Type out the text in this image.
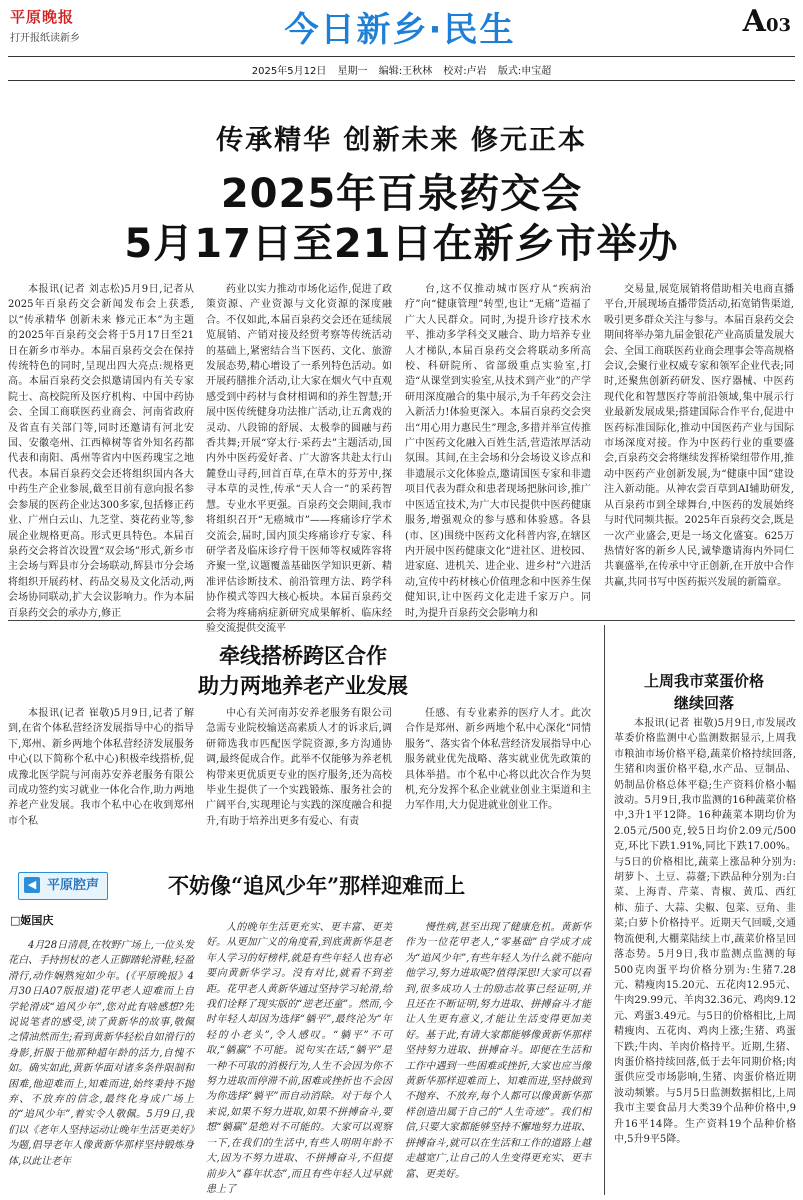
平原晚报
打开报纸读新乡	今日新乡·民生	A03
2025年5月12日 星期一 编辑:王秋林 校对:卢岩 版式:申宝超
传承精华 创新未来 修元正本
2025年百泉药交会
5月17日至21日在新乡市举办

本报讯(记者 刘志松)5月9日,记者从2025年百泉药交会新闻发布会上获悉,以“传承精华 创新未来 修元正本”为主题的2025年百泉药交会将于5月17日至21日在新乡市举办。本届百泉药交会在保持传统特色的同时,呈现出四大亮点:规格更高。本届百泉药交会拟邀请国内有关专家院士、高校院所及医疗机构、中国中药协会、全国工商联医药业商会、河南省政府及省直有关部门等,同时还邀请有河北安国、安徽亳州、江西樟树等省外知名药都代表和南阳、禹州等省内中医药瑰宝之地代表。本届百泉药交会还将组织国内各大中药生产企业参展,截至目前有意向报名参会参展的医药企业达300多家,包括修正药业、广州白云山、九芝堂、葵花药业等,参展企业规格更高。形式更具特色。本届百泉药交会将首次设置“双会场”形式,新乡市主会场与辉县市分会场联动,辉县市分会场将组织开展药材、药品交易及文化活动,两会场协同联动,扩大会议影响力。作为本届百泉药交会的承办方,修正

药业以实力推动市场化运作,促进了政策资源、产业资源与文化资源的深度融合。不仅如此,本届百泉药交会还在延续展览展销、产销对接及经贸考察等传统活动的基础上,紧密结合当下医药、文化、旅游发展态势,精心增设了一系列特色活动。如开展药膳推介活动,让大家在烟火气中直观感受到中药材与食材相调和的养生智慧;开展中医传统健身功法推广活动,让五禽戏的灵动、八段锦的舒展、太极拳的圆融与药香共舞;开展“穿太行·采药去”主题活动,国内外中医药爱好者、广大游客共赴太行山麓登山寻药,回首百草,在草木的芬芳中,探寻本草的灵性,传承“天人合一”的采药智慧。专业水平更强。百泉药交会期间,我市将组织召开“无癌城市”——疼痛诊疗学术交流会,届时,国内顶尖疼痛诊疗专家、科研学者及临床诊疗骨干医师等权威阵容将齐聚一堂,议题覆盖基础医学知识更新、精准评估诊断技术、前沿管理方法、跨学科协作模式等四大核心板块。本届百泉药交会将为疼痛病症新研究成果解析、临床经验交流提供交流平

台,这不仅推动城市医疗从“疾病治疗”向“健康管理”转型,也让“无痛”造福了广大人民群众。同时,为提升诊疗技术水平、推动多学科交叉融合、助力培养专业人才梯队,本届百泉药交会将联动多所高校、科研院所、省部级重点实验室,打造“从课堂到实验室,从技术到产业”的产学研用深度融合的集中展示,为千年药交会注入新活力!体验更深入。本届百泉药交会突出“用心用力惠民生”理念,多措并举宣传推广中医药文化融入百姓生活,营造浓厚活动氛围。其间,在主会场和分会场设义诊点和非遗展示文化体验点,邀请国医专家和非遗项目代表为群众和患者现场把脉问诊,推广中医适宜技术,为广大市民提供中医药健康服务,增强观众的参与感和体验感。各县(市、区)围绕中医药文化科普内容,在辖区内开展中医药健康文化“进社区、进校园、进家庭、进机关、进企业、进乡村”六进活动,宣传中药材核心价值理念和中医养生保健知识,让中医药文化走进千家万户。同时,为提升百泉药交会影响力和

交易量,展览展销将借助相关电商直播平台,开展现场直播带货活动,拓宽销售渠道,吸引更多群众关注与参与。本届百泉药交会期间将举办第九届金银花产业高质量发展大会、全国工商联医药业商会理事会等高规格会议,会聚行业权威专家和领军企业代表;同时,还聚焦创新药研发、医疗器械、中医药现代化和智慧医疗等前沿领域,集中展示行业最新发展成果;搭建国际合作平台,促进中医药标准国际化,推动中国医药产业与国际市场深度对接。作为中医药行业的重要盛会,百泉药交会将继续发挥桥梁纽带作用,推动中医药产业创新发展,为“健康中国”建设注入新动能。从神农尝百草到AI辅助研发,从百泉药市到全球舞台,中医药的发展始终与时代同频共振。2025年百泉药交会,既是一次产业盛会,更是一场文化盛宴。625万热情好客的新乡人民,诚挚邀请海内外同仁共襄盛举,在传承中守正创新,在开放中合作共赢,共同书写中医药振兴发展的新篇章。

牵线搭桥跨区合作
助力两地养老产业发展

本报讯(记者 崔敬)5月9日,记者了解到,在省个体私营经济发展指导中心的指导下,郑州、新乡两地个体私营经济发展服务中心(以下简称个私中心)积极牵线搭桥,促成豫北医学院与河南苏安养老服务有限公司成功签约实习就业一体化合作,助力两地养老产业发展。我市个私中心在收到郑州市个私

中心有关河南苏安养老服务有限公司急需专业院校输送高素质人才的诉求后,调研筛选我市匹配医学院资源,多方沟通协调,最终促成合作。此举不仅能够为养老机构带来更优质更专业的医疗服务,还为高校毕业生提供了一个实践锻炼、服务社会的广阔平台,实现理论与实践的深度融合和提升,有助于培养出更多有爱心、有责

任感、有专业素养的医疗人才。此次合作是郑州、新乡两地个私中心深化“同情服务”、落实省个体私营经济发展指导中心服务就业优先战略、落实就业优先政策的具体举措。市个私中心将以此次合作为契机,充分发挥个私企业就业创业主渠道和主力军作用,大力促进就业创业工作。

上周我市菜蛋价格
继续回落

本报讯(记者 崔敬)5月9日,市发展改革委价格监测中心监测数据显示,上周我市粮油市场价格平稳,蔬菜价格持续回落,生猪和肉蛋价格平稳,水产品、豆制品、奶制品价格总体平稳;生产资料价格小幅波动。5月9日,我市监测的16种蔬菜价格中,3升1平12降。16种蔬菜本期均价为2.05元/500克,较5日均价2.09元/500克,环比下跌1.91%,同比下跌17.00%。与5日的价格相比,蔬菜上涨品种分别为:胡萝卜、土豆、蒜薹;下跌品种分别为:白菜、上海青、芹菜、青椒、黄瓜、西红柿、茄子、大蒜、尖椒、包菜、豆角、韭菜;白萝卜价格持平。近期天气回暖,交通物流便利,大棚菜陆续上市,蔬菜价格呈回落态势。5月9日,我市监测点监测的每500克肉蛋平均价格分别为:生猪7.28元、精瘦肉15.20元、五花肉12.95元、牛肉29.99元、羊肉32.36元、鸡肉9.12元、鸡蛋3.49元。与5日的价格相比,上周精瘦肉、五花肉、鸡肉上涨;生猪、鸡蛋下跌;牛肉、羊肉价格持平。近期,生猪、肉蛋价格持续回落,低于去年同期价格;肉蛋供应受市场影响,生猪、肉蛋价格近期波动频繁。与5月5日监测数据相比,上周我市主要食品月大类39个品种价格中,9升16平14降。生产资料19个品种价格中,5升9平5降。

◀ 平原腔声	不妨像“追风少年”那样迎难而上
□姬国庆

4月28日清晨,在牧野广场上,一位头发花白、手持拐杖的老人正脚踏轮滑鞋,轻盈滑行,动作娴熟宛如少年。(《平原晚报》4月30日A07版报道)花甲老人迎难而上自学轮滑成“追风少年”,您对此有啥感想?先说说笔者的感受,读了黄新华的故事,敬佩之情油然而生;看到黄新华轻松自如滑行的身影,折服于他那种超年龄的活力,自愧不如。确实如此,黄新华面对诸多条件限制和困难,他迎难而上,知难而进,始终秉持不抛弃、不放弃的信念,最终化身成广场上的“追风少年”,着实令人敬佩。5月9日,我们以《老年人坚持运动让晚年生活更美好》为题,倡导老年人像黄新华那样坚持锻炼身体,以此让老年

人的晚年生活更充实、更丰富、更美好。从更加广义的角度看,到底黄新华是老年人学习的好榜样,就是有些年轻人也有必要向黄新华学习。没有对比,就看不到差距。花甲老人黄新华通过坚持学习轮滑,给我们诠释了现实版的“逆老还童”。然而,今时年轻人却因为选择“躺平”,最终沦为“年轻的小老头”,令人感叹。“躺平”不可取,“躺赢”不可能。说句实在话,“躺平”是一种不可取的消极行为,人生不会因为你不努力进取而停滞不前,困难或挫折也不会因为你选择“躺平”而自动消除。对于每个人来说,如果不努力进取,如果不拼搏奋斗,要想“躺赢”是绝对不可能的。大家可以观察一下,在我们的生活中,有些人明明年龄不大,因为不努力进取、不拼搏奋斗,不但提前步入“暮年状态”,而且有些年轻人过早就患上了

慢性病,甚至出现了健康危机。黄新华作为一位花甲老人,“零基础”自学成才成为“追风少年”,有些年轻人为什么就不能向他学习,努力进取呢?值得深思!大家可以看到,很多成功人士的励志故事已经证明,并且还在不断证明,努力进取、拼搏奋斗才能让人生更有意义,才能让生活变得更加美好。基于此,有请大家都能够像黄新华那样坚持努力进取、拼搏奋斗。即便在生活和工作中遇到一些困难或挫折,大家也应当像黄新华那样迎难而上、知难而进,坚持做到不抛弃、不放弃,每个人都可以像黄新华那样创造出属于自己的“人生奇迹”。我们相信,只要大家都能够坚持不懈地努力进取、拼搏奋斗,就可以在生活和工作的道路上越走越宽广,让自己的人生变得更充实、更丰富、更美好。
